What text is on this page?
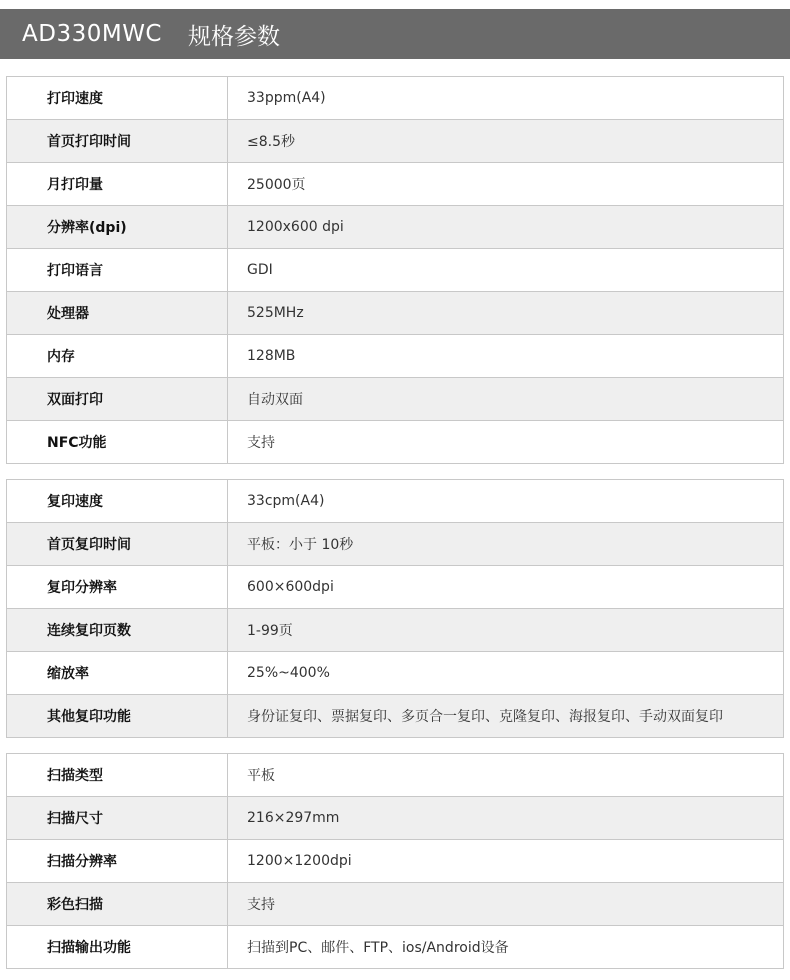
AD330MWC 规格参数
打印速度	33ppm(A4)
首页打印时间	≤8.5秒
月打印量	25000页
分辨率(dpi)	1200x600 dpi
打印语言	GDI
处理器	525MHz
内存	128MB
双面打印	自动双面
NFC功能	支持
复印速度	33cpm(A4)
首页复印时间	平板：小于 10秒
复印分辨率	600×600dpi
连续复印页数	1-99页
缩放率	25%~400%
其他复印功能	身份证复印、票据复印、多页合一复印、克隆复印、海报复印、手动双面复印
扫描类型	平板
扫描尺寸	216×297mm
扫描分辨率	1200×1200dpi
彩色扫描	支持
扫描输出功能	扫描到PC、邮件、FTP、ios/Android设备
